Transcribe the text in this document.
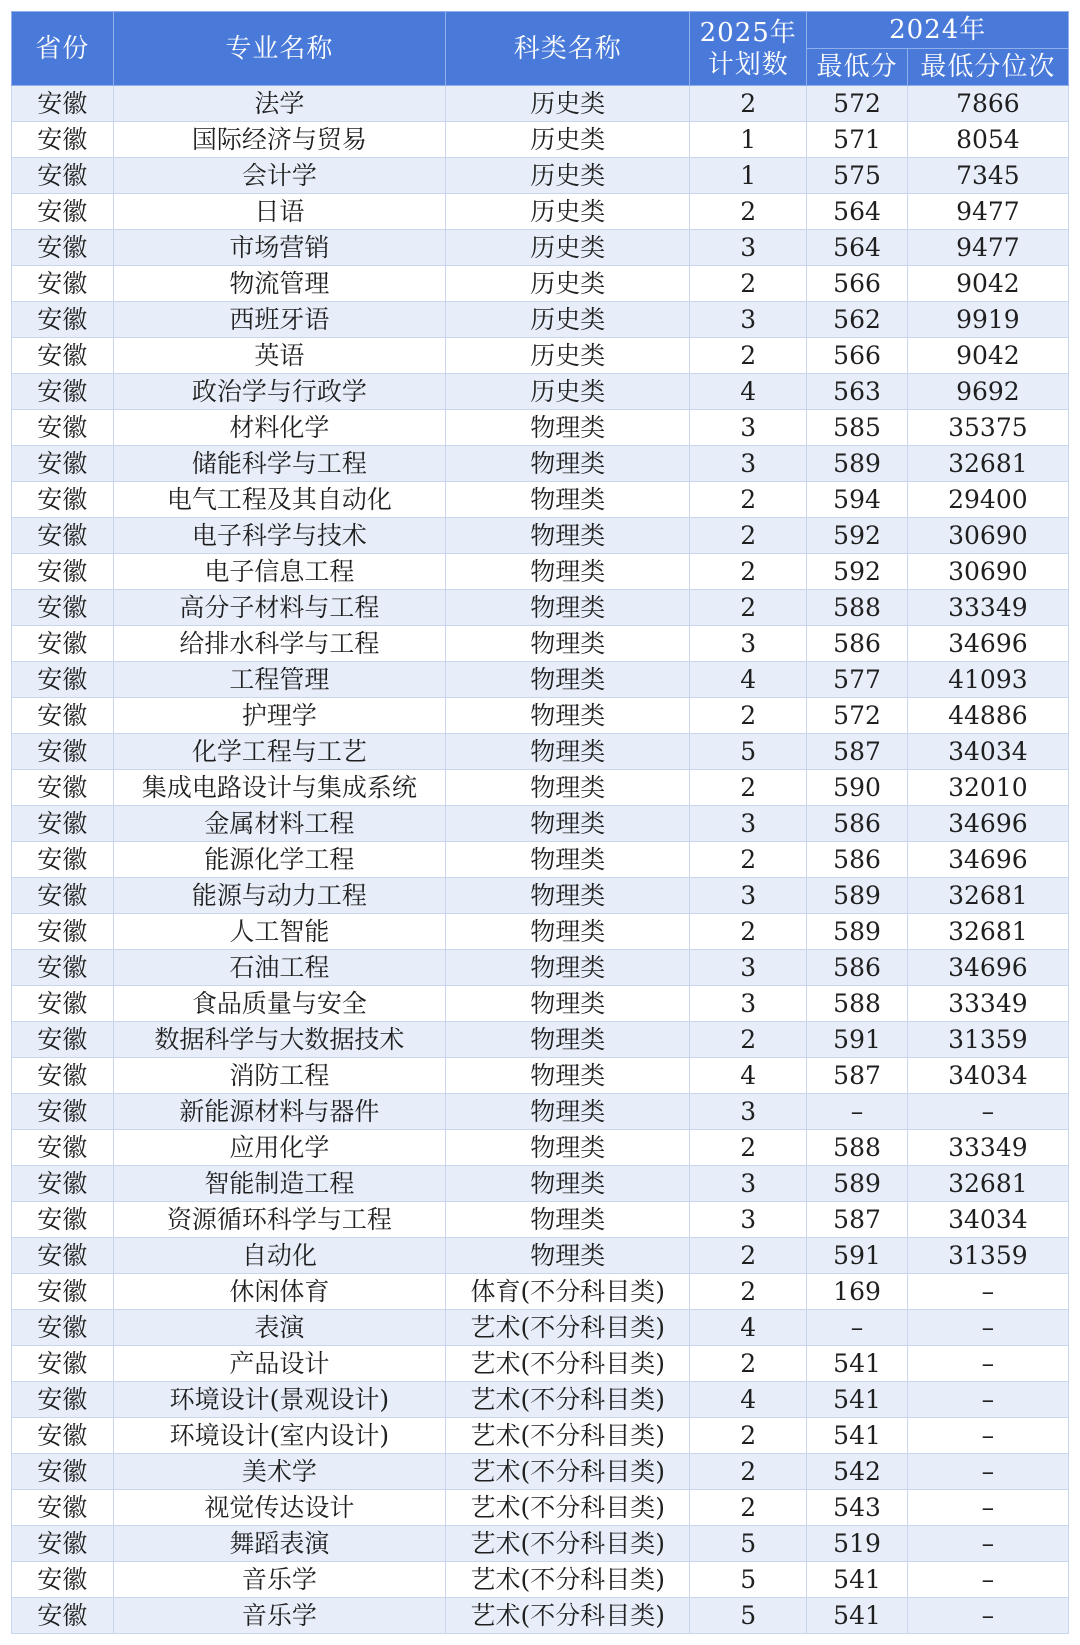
省份	专业名称	科类名称	2025年
计划数	2024年	
				最低分	最低分位次
安徽	法学	历史类	2	572	7866
安徽	国际经济与贸易	历史类	1	571	8054
安徽	会计学	历史类	1	575	7345
安徽	日语	历史类	2	564	9477
安徽	市场营销	历史类	3	564	9477
安徽	物流管理	历史类	2	566	9042
安徽	西班牙语	历史类	3	562	9919
安徽	英语	历史类	2	566	9042
安徽	政治学与行政学	历史类	4	563	9692
安徽	材料化学	物理类	3	585	35375
安徽	储能科学与工程	物理类	3	589	32681
安徽	电气工程及其自动化	物理类	2	594	29400
安徽	电子科学与技术	物理类	2	592	30690
安徽	电子信息工程	物理类	2	592	30690
安徽	高分子材料与工程	物理类	2	588	33349
安徽	给排水科学与工程	物理类	3	586	34696
安徽	工程管理	物理类	4	577	41093
安徽	护理学	物理类	2	572	44886
安徽	化学工程与工艺	物理类	5	587	34034
安徽	集成电路设计与集成系统	物理类	2	590	32010
安徽	金属材料工程	物理类	3	586	34696
安徽	能源化学工程	物理类	2	586	34696
安徽	能源与动力工程	物理类	3	589	32681
安徽	人工智能	物理类	2	589	32681
安徽	石油工程	物理类	3	586	34696
安徽	食品质量与安全	物理类	3	588	33349
安徽	数据科学与大数据技术	物理类	2	591	31359
安徽	消防工程	物理类	4	587	34034
安徽	新能源材料与器件	物理类	3	–	–
安徽	应用化学	物理类	2	588	33349
安徽	智能制造工程	物理类	3	589	32681
安徽	资源循环科学与工程	物理类	3	587	34034
安徽	自动化	物理类	2	591	31359
安徽	休闲体育	体育(不分科目类)	2	169	–
安徽	表演	艺术(不分科目类)	4	–	–
安徽	产品设计	艺术(不分科目类)	2	541	–
安徽	环境设计(景观设计)	艺术(不分科目类)	4	541	–
安徽	环境设计(室内设计)	艺术(不分科目类)	2	541	–
安徽	美术学	艺术(不分科目类)	2	542	–
安徽	视觉传达设计	艺术(不分科目类)	2	543	–
安徽	舞蹈表演	艺术(不分科目类)	5	519	–
安徽	音乐学	艺术(不分科目类)	5	541	–
安徽	音乐学	艺术(不分科目类)	5	541	–
